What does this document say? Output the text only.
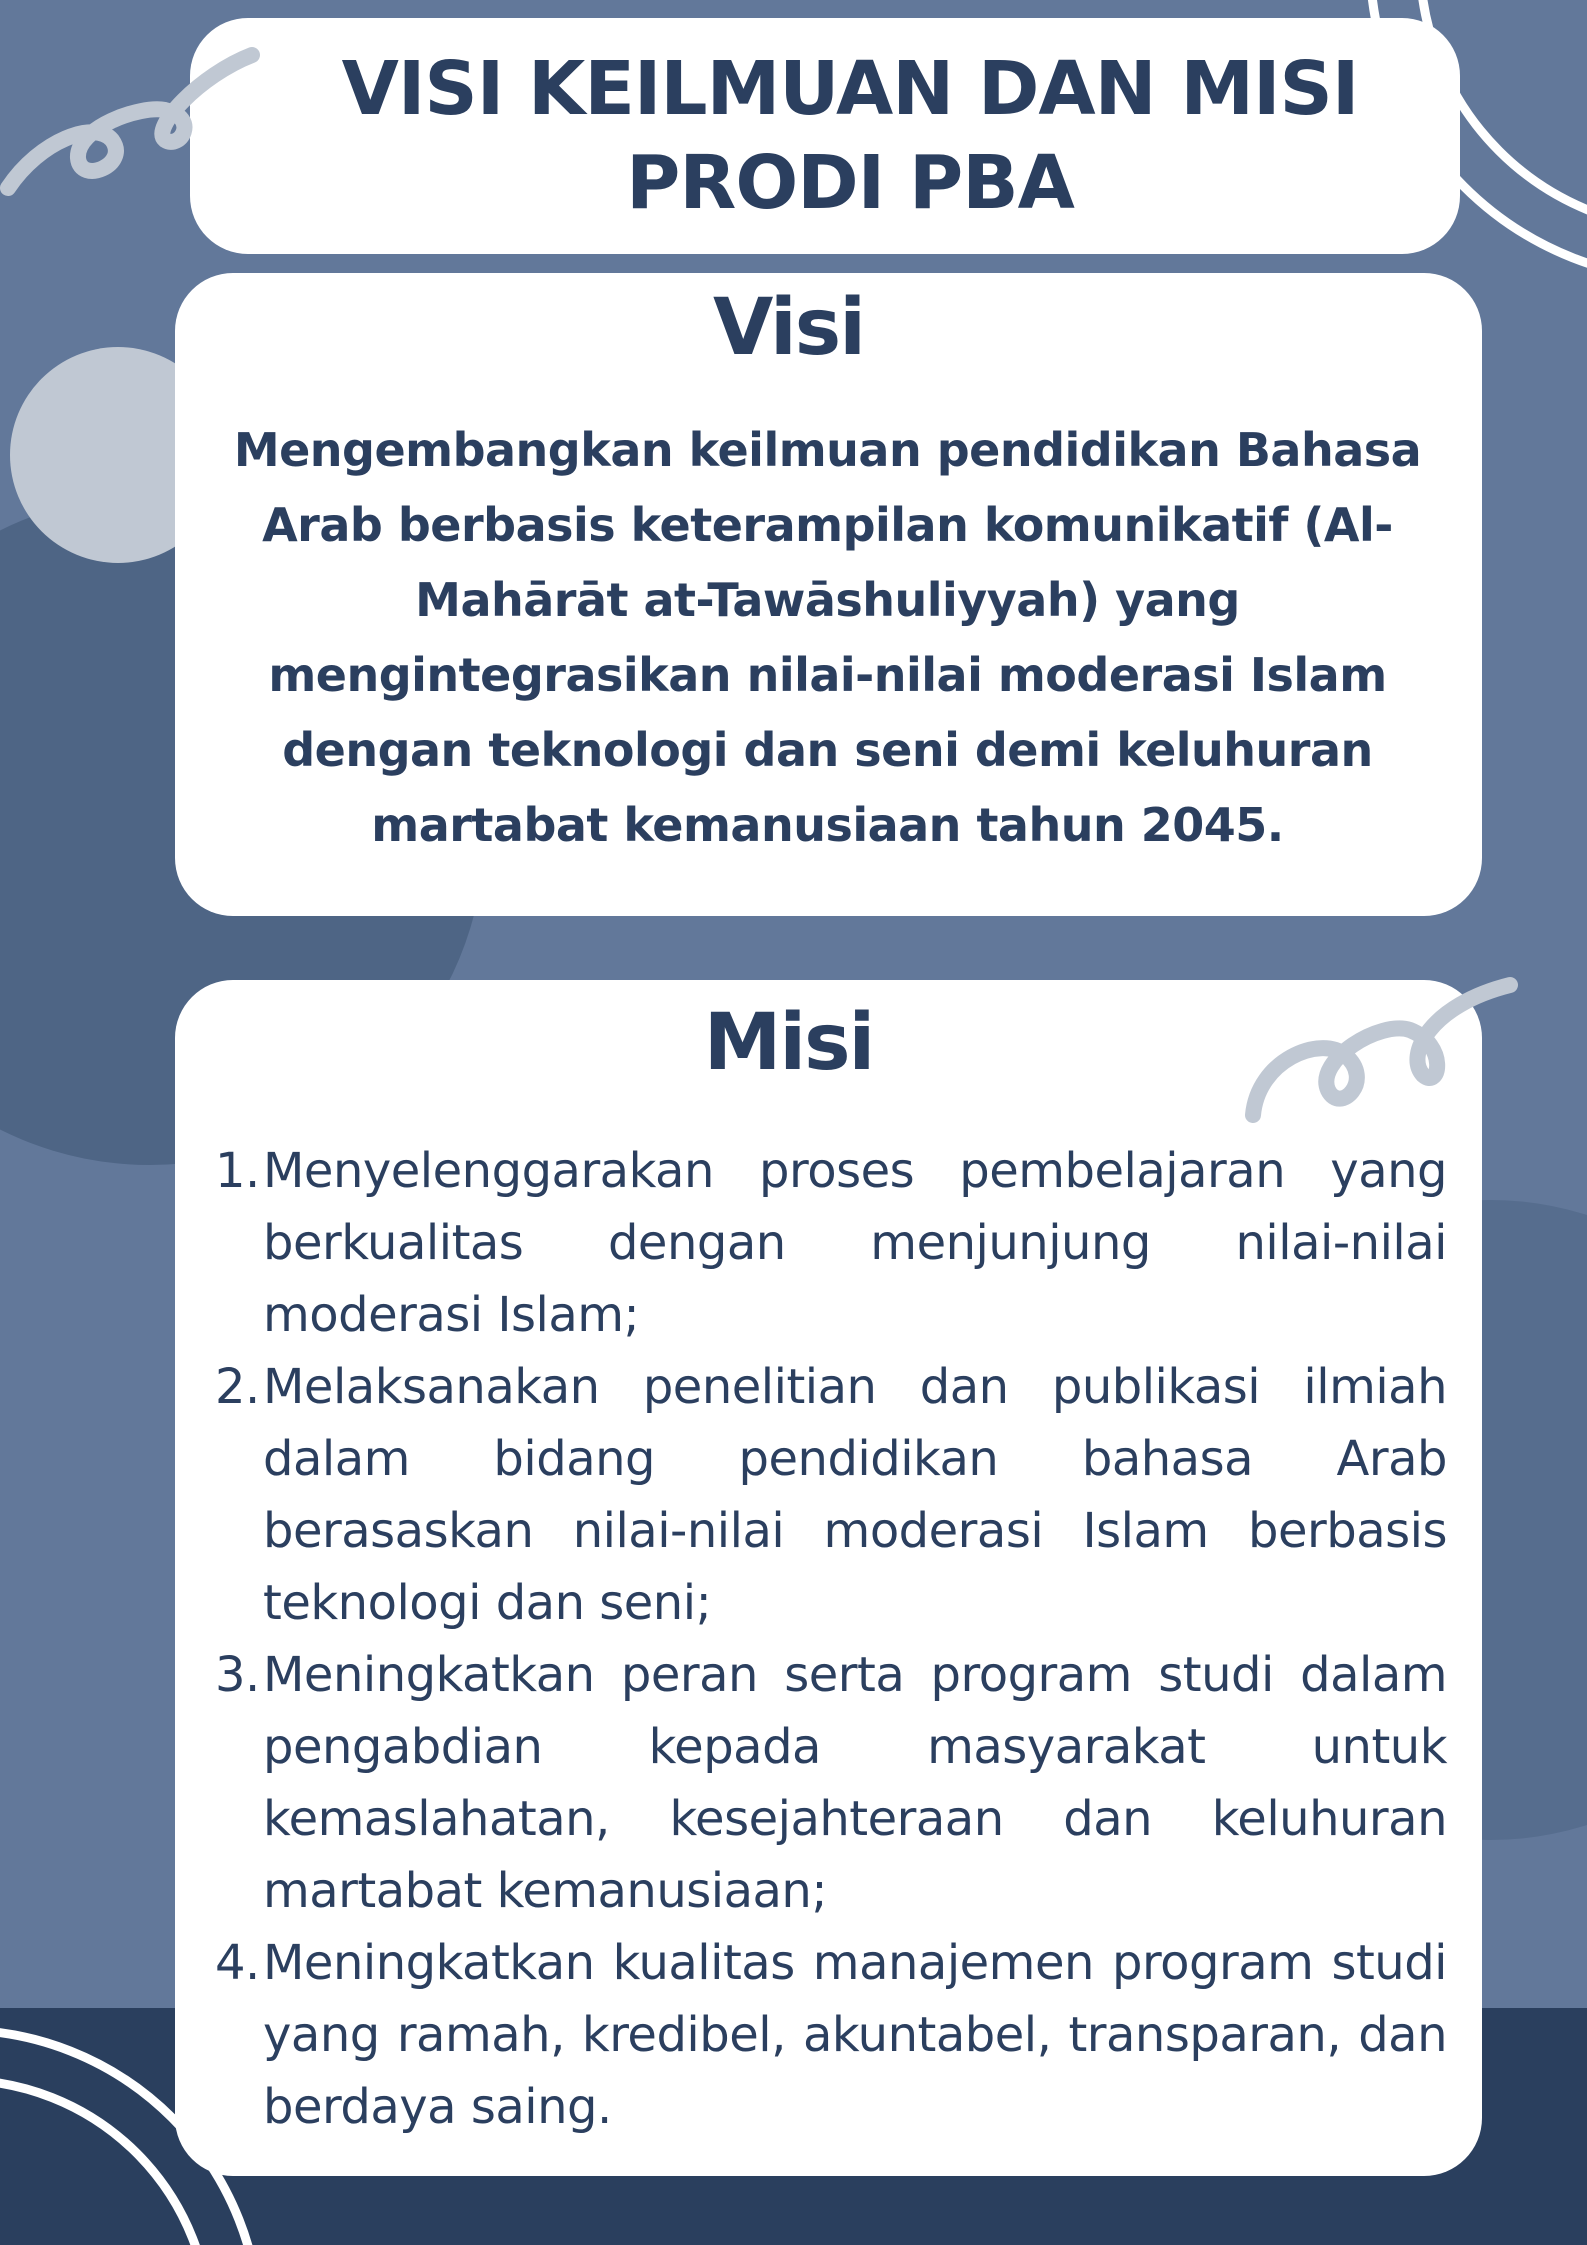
VISI KEILMUAN DAN MISI PRODI PBA
Visi
Mengembangkan keilmuan pendidikan Bahasa Arab berbasis keterampilan komunikatif (Al-Mahārāt at-Tawāshuliyyah) yang mengintegrasikan nilai-nilai moderasi Islam dengan teknologi dan seni demi keluhuran martabat kemanusiaan tahun 2045.
Misi
1. Menyelenggarakan proses pembelajaran yang berkualitas dengan menjunjung nilai-nilai moderasi Islam;
2. Melaksanakan penelitian dan publikasi ilmiah dalam bidang pendidikan bahasa Arab berasaskan nilai-nilai moderasi Islam berbasis teknologi dan seni;
3. Meningkatkan peran serta program studi dalam pengabdian kepada masyarakat untuk kemaslahatan, kesejahteraan dan keluhuran martabat kemanusiaan;
4. Meningkatkan kualitas manajemen program studi yang ramah, kredibel, akuntabel, transparan, dan berdaya saing.
